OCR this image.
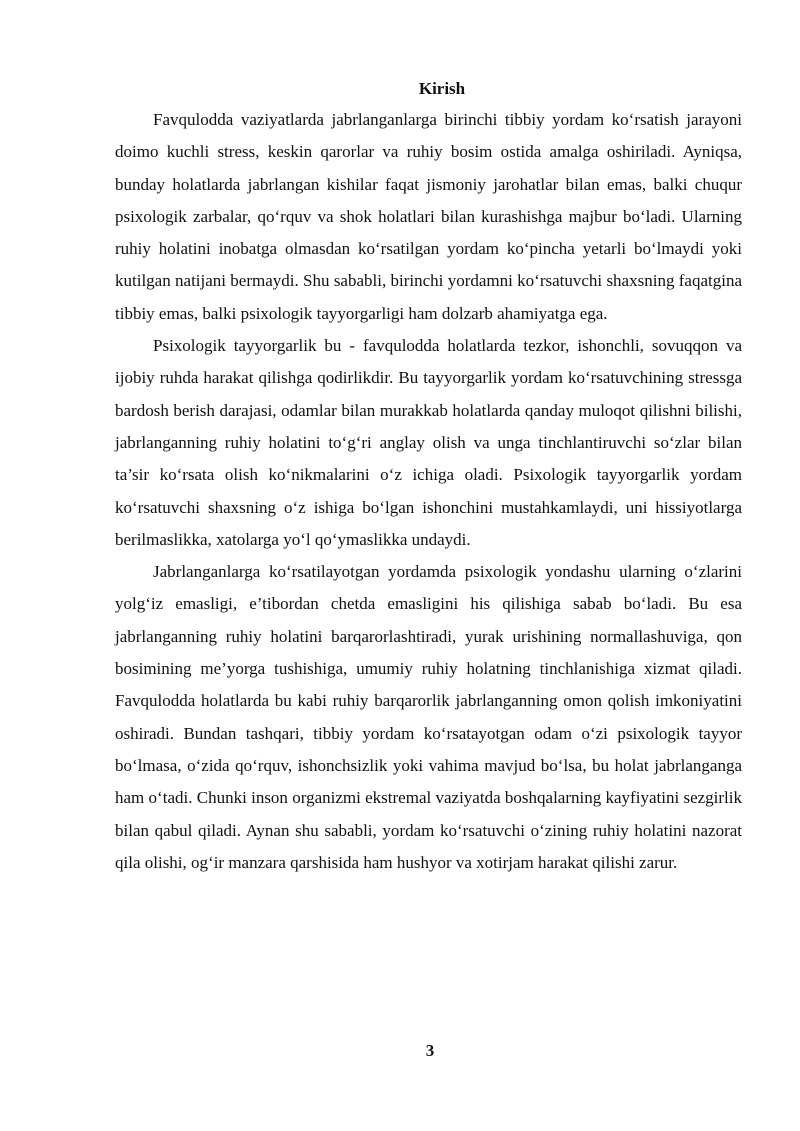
Kirish

Favqulodda vaziyatlarda jabrlanganlarga birinchi tibbiy yordam ko‘rsatish jarayoni doimo kuchli stress, keskin qarorlar va ruhiy bosim ostida amalga oshiriladi. Ayniqsa, bunday holatlarda jabrlangan kishilar faqat jismoniy jarohatlar bilan emas, balki chuqur psixologik zarbalar, qo‘rquv va shok holatlari bilan kurashishga majbur bo‘ladi. Ularning ruhiy holatini inobatga olmasdan ko‘rsatilgan yordam ko‘pincha yetarli bo‘lmaydi yoki kutilgan natijani bermaydi. Shu sababli, birinchi yordamni ko‘rsatuvchi shaxsning faqatgina tibbiy emas, balki psixologik tayyorgarligi ham dolzarb ahamiyatga ega.

Psixologik tayyorgarlik bu - favqulodda holatlarda tezkor, ishonchli, sovuqqon va ijobiy ruhda harakat qilishga qodirlikdir. Bu tayyorgarlik yordam ko‘rsatuvchining stressga bardosh berish darajasi, odamlar bilan murakkab holatlarda qanday muloqot qilishni bilishi, jabrlanganning ruhiy holatini to‘g‘ri anglay olish va unga tinchlantiruvchi so‘zlar bilan ta’sir ko‘rsata olish ko‘nikmalarini o‘z ichiga oladi. Psixologik tayyorgarlik yordam ko‘rsatuvchi shaxsning o‘z ishiga bo‘lgan ishonchini mustahkamlaydi, uni hissiyotlarga berilmaslikka, xatolarga yo‘l qo‘ymaslikka undaydi.

Jabrlanganlarga ko‘rsatilayotgan yordamda psixologik yondashu ularning o‘zlarini yolg‘iz emasligi, e’tibordan chetda emasligini his qilishiga sabab bo‘ladi. Bu esa jabrlanganning ruhiy holatini barqarorlashtiradi, yurak urishining normallashuviga, qon bosimining me’yorga tushishiga, umumiy ruhiy holatning tinchlanishiga xizmat qiladi. Favqulodda holatlarda bu kabi ruhiy barqarorlik jabrlanganning omon qolish imkoniyatini oshiradi. Bundan tashqari, tibbiy yordam ko‘rsatayotgan odam o‘zi psixologik tayyor bo‘lmasa, o‘zida qo‘rquv, ishonchsizlik yoki vahima mavjud bo‘lsa, bu holat jabrlanganga ham o‘tadi. Chunki inson organizmi ekstremal vaziyatda boshqalarning kayfiyatini sezgirlik bilan qabul qiladi. Aynan shu sababli, yordam ko‘rsatuvchi o‘zining ruhiy holatini nazorat qila olishi, og‘ir manzara qarshisida ham hushyor va xotirjam harakat qilishi zarur.

3
